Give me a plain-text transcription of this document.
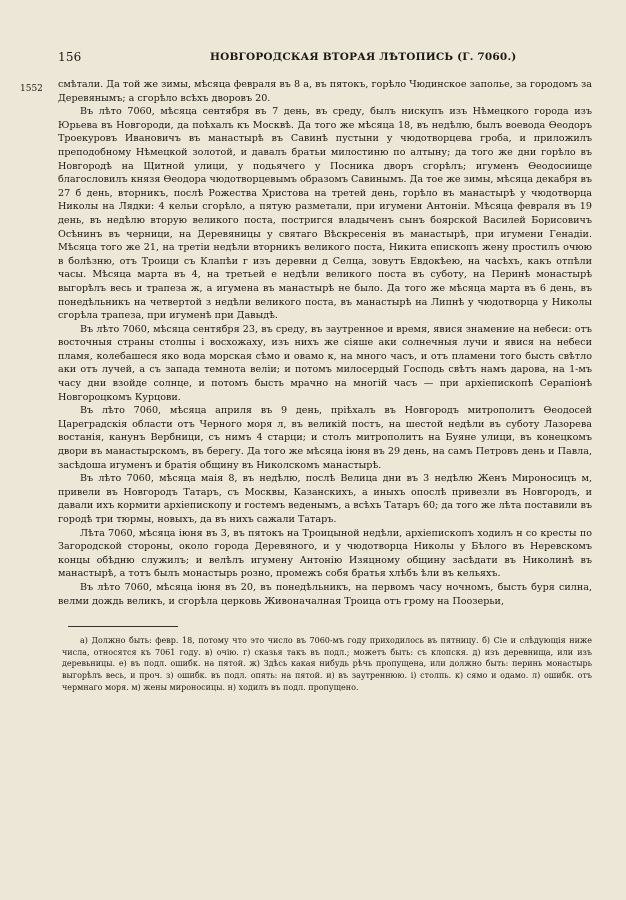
156	НОВГОРОДСКАЯ ВТОРАЯ ЛѢТОПИСЬ (Г. 7060.)
1552 смѣтали. Да той же зимы, мѣсяца февраля въ 8 а, въ пятокъ, горѣло Чюдинское заполье, за городомъ за Деревянымъ; а сгорѣло всѣхъ дворовъ 20.

Въ лѣто 7060, мѣсяца сентября въ 7 день, въ среду, былъ нискупъ изъ Нѣмецкого города изъ Юрьева въ Новгороди, да поѣхалъ къ Москвѣ. Да того же мѣсяца 18, въ недѣлю, былъ воевода Ѳеодоръ Троекуровъ Ивановичъ въ манастырѣ въ Савинѣ пустыни у чюдотворцева гроба, и приложилъ преподобному Нѣмецкой золотой, и давалъ братьи милостиню по алтыну; да того же дни горѣло въ Новгородѣ на Щитной улици, у подьячего у Посника дворъ сгорѣлъ; игуменъ Ѳеодосиище благословилъ князя Ѳеодора чюдотворцевымъ образомъ Савинымъ. Да тое же зимы, мѣсяца декабря въ 27 б день, вторникъ, послѣ Рожества Христова на третей день, горѣло въ манастырѣ у чюдотворца Николы на Лядки: 4 кельи сгорѣло, а пятую разметали, при игумени Антоніи. Мѣсяца февраля въ 19 день, въ недѣлю вторую великого поста, постригся владыченъ сынъ боярской Василей Борисовичъ Осѣнинъ въ черници, на Деревяницы у святаго Вѣскресенія въ манастырѣ, при игумени Генадіи. Мѣсяца того же 21, на третіи недѣли вторникъ великого поста, Никита епископъ жену простилъ очюю в болѣзню, отъ Троици съ Клапѣи г изъ деревни д Селца, зовутъ Евдокѣею, на часѣхъ, какъ отпѣли часы. Мѣсяца марта въ 4, на третьей е недѣли великого поста въ суботу, на Перинѣ монастырѣ выгорѣлъ весь и трапеза ж, а игумена въ манастырѣ не было. Да того же мѣсяца марта въ 6 день, въ понедѣльникъ на четвертой з недѣли великого поста, въ манастырѣ на Липнѣ у чюдотворца у Николы сгорѣла трапеза, при игуменѣ при Давыдѣ.

Въ лѣто 7060, мѣсяца сентября 23, въ среду, въ заутренное и время, явися знамение на небеси: отъ восточныя страны столпы і восхожаху, изъ нихъ же сіяше аки солнечныя лучи и явися на небеси пламя, колебашеся яко вода морская сѣмо и овамо к, на много часъ, и отъ пламени того бысть свѣтло аки отъ лучей, а съ запада темнота веліи; и потомъ милосердый Господь свѣтъ намъ дарова, на 1-мъ часу дни взойде солнце, и потомъ бысть мрачно на многій часъ — при архіепископѣ Серапіонѣ Новгороцкомъ Курцови.

Въ лѣто 7060, мѣсяца априля въ 9 день, пріѣхалъ въ Новгородъ митрополитъ Ѳеодосей Цареградскія области отъ Черного моря л, въ великій постъ, на шестой недѣли въ суботу Лазорева востанія, канунъ Вербници, съ нимъ 4 старци; и столъ митрополитъ на Буяне улици, въ конецкомъ двори въ манастырскомъ, въ берегу. Да того же мѣсяца іюня въ 29 день, на самъ Петровъ день и Павла, засѣдоша игуменъ и братія общину въ Николскомъ манастырѣ.

Въ лѣто 7060, мѣсяца маія 8, въ недѣлю, послѣ Велица дни въ 3 недѣлю Женъ Мироносицъ м, привели въ Новгородъ Татаръ, съ Москвы, Казанскихъ, а иныхъ опослѣ привезли въ Новгородъ, и давали ихъ кормити архіепископу и гостемъ веденымъ, а всѣхъ Татаръ 60; да того же лѣта поставили въ городѣ три тюрмы, новыхъ, да въ нихъ сажали Татаръ.

Лѣта 7060, мѣсяца іюня въ 3, въ пятокъ на Троицыной недѣли, архіепископъ ходилъ н со кресты по Загородской стороны, около города Деревяного, и у чюдотворца Николы у Бѣлого въ Неревскомъ концы обѣдню служилъ; и велѣлъ игумену Антонію Изяцному общину засѣдати въ Николинѣ въ манастырѣ, а тотъ былъ монастырь розно, промежъ собя братья хлѣбъ ѣли въ кельяхъ.

Въ лѣто 7060, мѣсяца іюня въ 20, въ понедѣльникъ, на первомъ часу ночномъ, бысть буря силна, велми дождь великъ, и сгорѣла церковь Живоначалная Троица отъ грому на Поозерьи,

а) Должно быть: февр. 18, потому что это число въ 7060-мъ году приходилось въ пятницу. б) Сіе и слѣдующія ниже числа, относятся къ 7061 году. в) очію. г) сказья такъ въ подл.; можетъ быть: съ клопскя. д) изъ деревнища, или изъ деревьницы. е) въ подл. ошибк. на пятой. ж) Здѣсь какая нибудь рѣчь пропущена, или должно быть: перинь монастырь выгорѣлъ весь, и проч. з) ошибк. въ подл. опять: на пятой. и) въ заутреннюю. і) столпь. к) сямо и одамо. л) ошибк. отъ чермнаго моря. м) жены мироносицы. н) ходилъ въ подл. пропущено.
